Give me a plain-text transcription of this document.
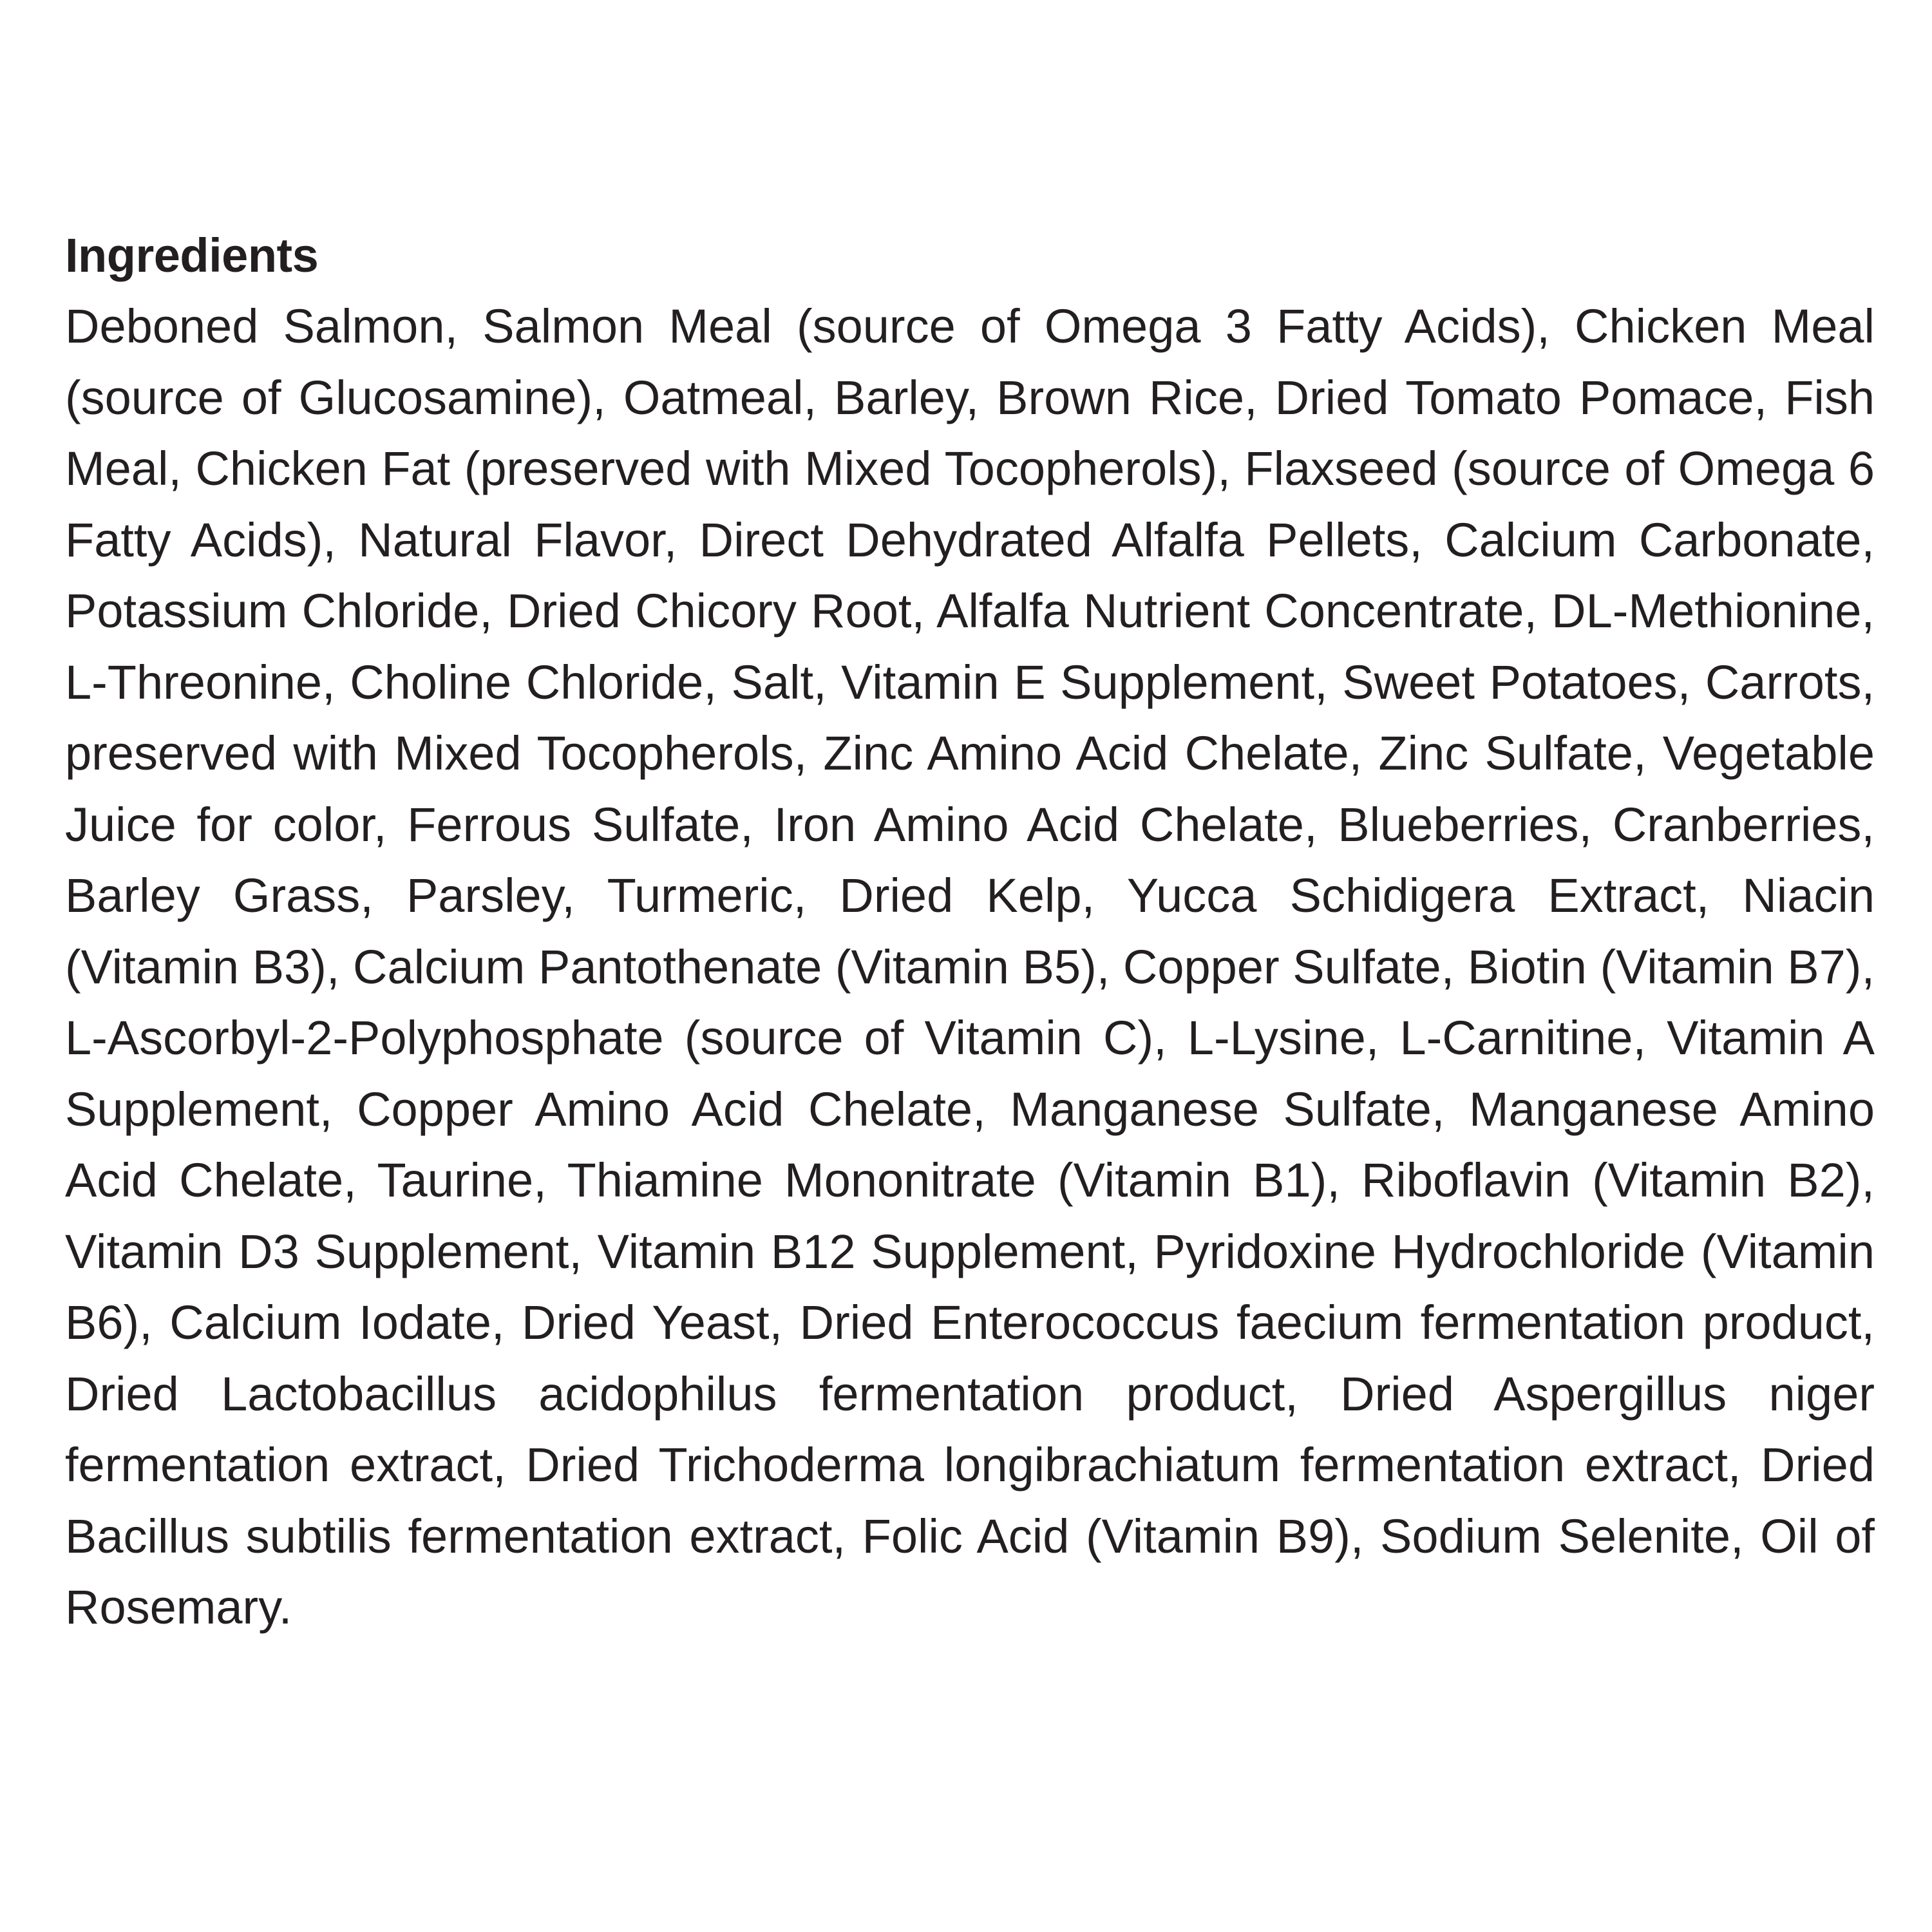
Ingredients

Deboned Salmon, Salmon Meal (source of Omega 3 Fatty Acids), Chicken Meal (source of Glucosamine), Oatmeal, Barley, Brown Rice, Dried Tomato Pomace, Fish Meal, Chicken Fat (preserved with Mixed Tocopherols), Flaxseed (source of Omega 6 Fatty Acids), Natural Flavor, Direct Dehydrated Alfalfa Pellets, Calcium Carbonate, Potassium Chloride, Dried Chicory Root, Alfalfa Nutrient Concentrate, DL-Methionine, L-Threonine, Choline Chloride, Salt, Vitamin E Supplement, Sweet Potatoes, Carrots, preserved with Mixed Tocopherols, Zinc Amino Acid Chelate, Zinc Sulfate, Vegetable Juice for color, Ferrous Sulfate, Iron Amino Acid Chelate, Blueberries, Cranberries, Barley Grass, Parsley, Turmeric, Dried Kelp, Yucca Schidigera Extract, Niacin (Vitamin B3), Calcium Pantothenate (Vitamin B5), Copper Sulfate, Biotin (Vitamin B7), L-Ascorbyl-2-Polyphosphate (source of Vitamin C), L-Lysine, L-Carnitine, Vitamin A Supplement, Copper Amino Acid Chelate, Manganese Sulfate, Manganese Amino Acid Chelate, Taurine, Thiamine Mononitrate (Vitamin B1), Riboflavin (Vitamin B2), Vitamin D3 Supplement, Vitamin B12 Supplement, Pyridoxine Hydrochloride (Vitamin B6), Calcium Iodate, Dried Yeast, Dried Enterococcus faecium fermentation product, Dried Lactobacillus acidophilus fermentation product, Dried Aspergillus niger fermentation extract, Dried Trichoderma longibrachiatum fermentation extract, Dried Bacillus subtilis fermentation extract, Folic Acid (Vitamin B9), Sodium Selenite, Oil of Rosemary.
